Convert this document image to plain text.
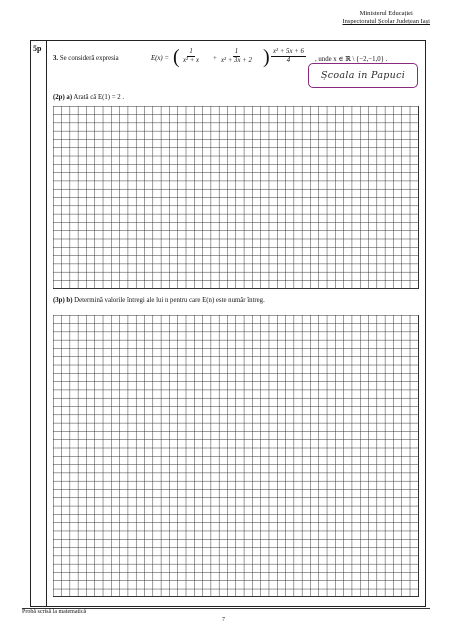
Ministerul Educației
Inspectoratul Școlar Județean Iași
5p
3. Se consideră expresia	E(x) = ( $\frac{1}{\text{x² + x}} + \frac{1}{\text{x² + 3x + 2}}$ ) $\frac{\text{x² + 5x + 6}}{4}$ , unde x ∈ ℝ \ {−2,−1,0} .
(2p) a) Arată că E(1) = 2 .
(3p) b) Determină valorile întregi ale lui n pentru care E(n) este număr întreg.
Școala in Papuci
Probă scrisă la matematică
7
